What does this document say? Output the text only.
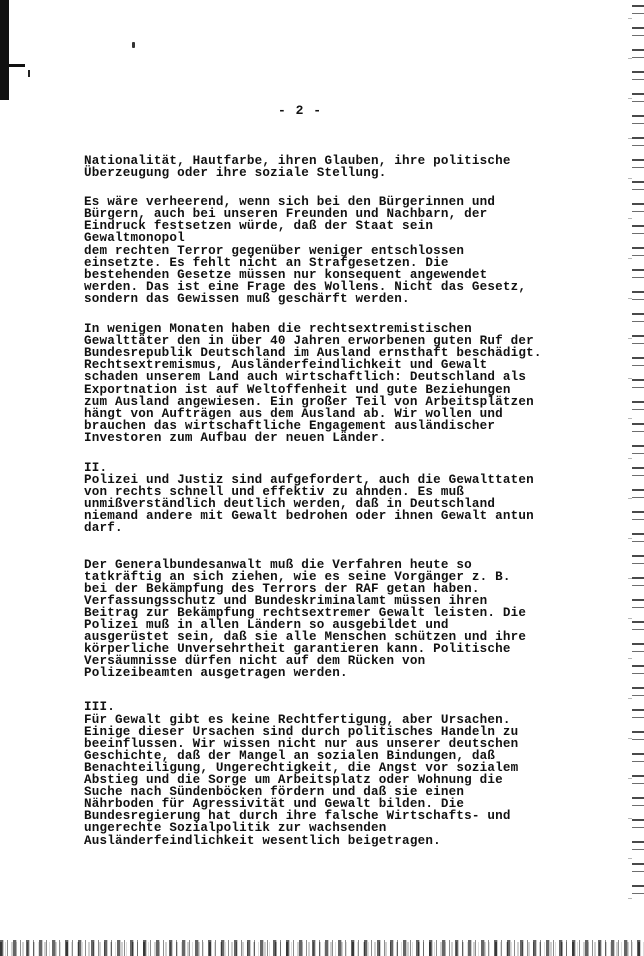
- 2 -
Nationalität, Hautfarbe, ihren Glauben, ihre politische
Überzeugung oder ihre soziale Stellung.
Es wäre verheerend, wenn sich bei den Bürgerinnen und
Bürgern, auch bei unseren Freunden und Nachbarn, der
Eindruck festsetzen würde, daß der Staat sein
Gewaltmonopol
dem rechten Terror gegenüber weniger entschlossen
einsetzte. Es fehlt nicht an Strafgesetzen. Die
bestehenden Gesetze müssen nur konsequent angewendet
werden. Das ist eine Frage des Wollens. Nicht das Gesetz,
sondern das Gewissen muß geschärft werden.
In wenigen Monaten haben die rechtsextremistischen
Gewalttäter den in über 40 Jahren erworbenen guten Ruf der
Bundesrepublik Deutschland im Ausland ernsthaft beschädigt.
Rechtsextremismus, Ausländerfeindlichkeit und Gewalt
schaden unserem Land auch wirtschaftlich: Deutschland als
Exportnation ist auf Weltoffenheit und gute Beziehungen
zum Ausland angewiesen. Ein großer Teil von Arbeitsplätzen
hängt von Aufträgen aus dem Ausland ab. Wir wollen und
brauchen das wirtschaftliche Engagement ausländischer
Investoren zum Aufbau der neuen Länder.
II.
Polizei und Justiz sind aufgefordert, auch die Gewalttaten
von rechts schnell und effektiv zu ahnden. Es muß
unmißverständlich deutlich werden, daß in Deutschland
niemand andere mit Gewalt bedrohen oder ihnen Gewalt antun
darf.
Der Generalbundesanwalt muß die Verfahren heute so
tatkräftig an sich ziehen, wie es seine Vorgänger z. B.
bei der Bekämpfung des Terrors der RAF getan haben.
Verfassungsschutz und Bundeskriminalamt müssen ihren
Beitrag zur Bekämpfung rechtsextremer Gewalt leisten. Die
Polizei muß in allen Ländern so ausgebildet und
ausgerüstet sein, daß sie alle Menschen schützen und ihre
körperliche Unversehrtheit garantieren kann. Politische
Versäumnisse dürfen nicht auf dem Rücken von
Polizeibeamten ausgetragen werden.
III.
Für Gewalt gibt es keine Rechtfertigung, aber Ursachen.
Einige dieser Ursachen sind durch politisches Handeln zu
beeinflussen. Wir wissen nicht nur aus unserer deutschen
Geschichte, daß der Mangel an sozialen Bindungen, daß
Benachteiligung, Ungerechtigkeit, die Angst vor sozialem
Abstieg und die Sorge um Arbeitsplatz oder Wohnung die
Suche nach Sündenböcken fördern und daß sie einen
Nährboden für Agressivität und Gewalt bilden. Die
Bundesregierung hat durch ihre falsche Wirtschafts- und
ungerechte Sozialpolitik zur wachsenden
Ausländerfeindlichkeit wesentlich beigetragen.
